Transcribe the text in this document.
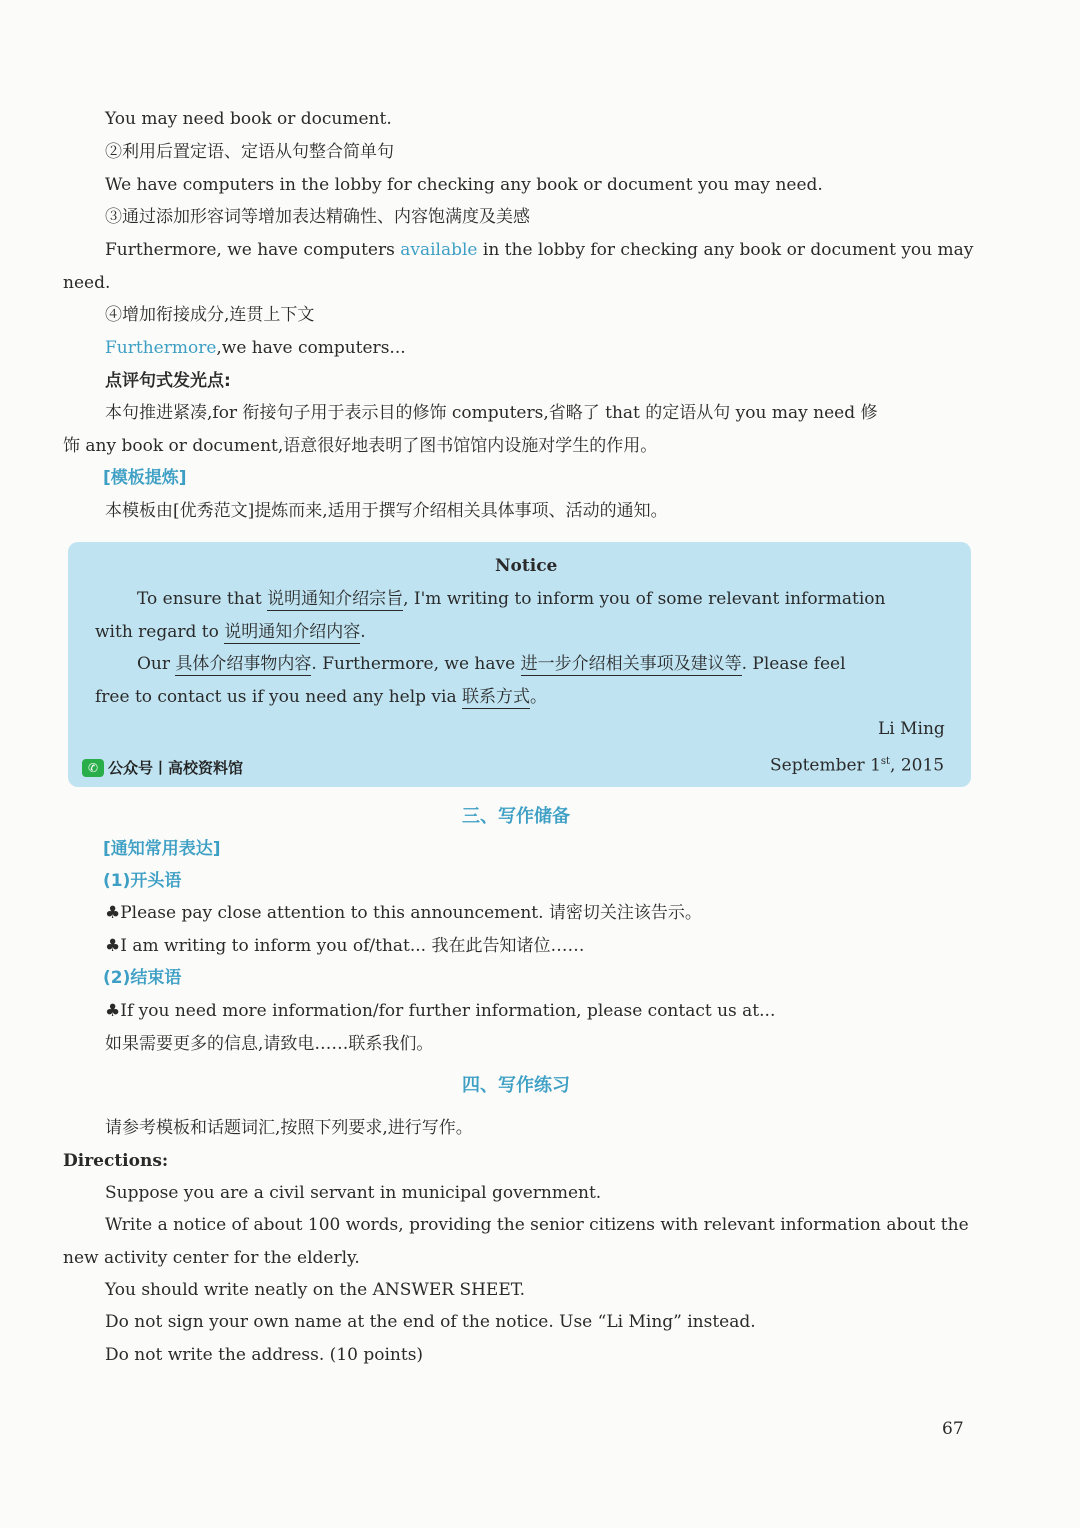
You may need book or document.
②利用后置定语、定语从句整合简单句
We have computers in the lobby for checking any book or document you may need.
③通过添加形容词等增加表达精确性、内容饱满度及美感
Furthermore, we have computers available in the lobby for checking any book or document you may
need.
④增加衔接成分,连贯上下文
Furthermore,we have computers...
点评句式发光点:
本句推进紧凑,for 衔接句子用于表示目的修饰 computers,省略了 that 的定语从句 you may need 修
饰 any book or document,语意很好地表明了图书馆馆内设施对学生的作用。
[模板提炼]
本模板由[优秀范文]提炼而来,适用于撰写介绍相关具体事项、活动的通知。
Notice
To ensure that 说明通知介绍宗旨, I'm writing to inform you of some relevant information
with regard to 说明通知介绍内容.
Our 具体介绍事物内容. Furthermore, we have 进一步介绍相关事项及建议等. Please feel
free to contact us if you need any help via 联系方式。
Li Ming
September 1st, 2015
✆ 公众号丨高校资料馆
三、写作储备
[通知常用表达]
(1)开头语
♣Please pay close attention to this announcement. 请密切关注该告示。
♣I am writing to inform you of/that... 我在此告知诸位……
(2)结束语
♣If you need more information/for further information, please contact us at...
如果需要更多的信息,请致电……联系我们。
四、写作练习
请参考模板和话题词汇,按照下列要求,进行写作。
Directions:
Suppose you are a civil servant in municipal government.
Write a notice of about 100 words, providing the senior citizens with relevant information about the
new activity center for the elderly.
You should write neatly on the ANSWER SHEET.
Do not sign your own name at the end of the notice. Use “Li Ming” instead.
Do not write the address. (10 points)
67
